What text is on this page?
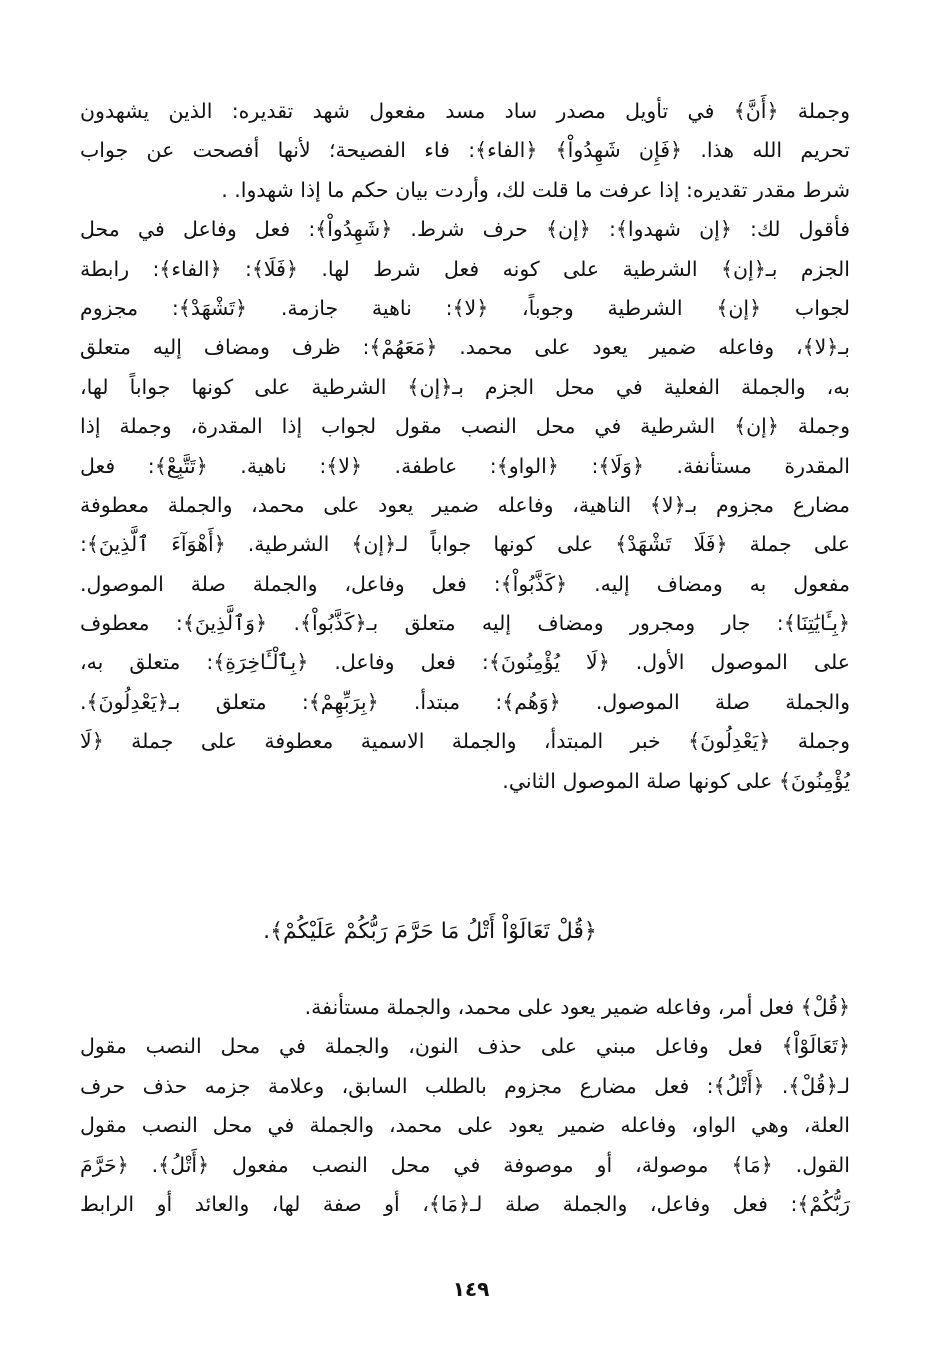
وجملة ﴿أَنَّ﴾ في تأويل مصدر ساد مسد مفعول شهد تقديره: الذين يشهدون
تحريم الله هذا. ﴿فَإِن شَهِدُواْ﴾ ﴿الفاء﴾: فاء الفصيحة؛ لأنها أفصحت عن جواب
شرط مقدر تقديره: إذا عرفت ما قلت لك، وأردت بيان حكم ما إذا شهدوا. .
فأقول لك: ﴿إن شهدوا﴾: ﴿إن﴾ حرف شرط. ﴿شَهِدُواْ﴾: فعل وفاعل في محل
الجزم بـ﴿إن﴾ الشرطية على كونه فعل شرط لها. ﴿فَلَا﴾: ﴿الفاء﴾: رابطة
لجواب ﴿إن﴾ الشرطية وجوباً، ﴿لا﴾: ناهية جازمة. ﴿تَشْهَدْ﴾: مجزوم
بـ﴿لا﴾، وفاعله ضمير يعود على محمد. ﴿مَعَهُمْ﴾: ظرف ومضاف إليه متعلق
به، والجملة الفعلية في محل الجزم بـ﴿إن﴾ الشرطية على كونها جواباً لها،
وجملة ﴿إن﴾ الشرطية في محل النصب مقول لجواب إذا المقدرة، وجملة إذا
المقدرة مستأنفة. ﴿وَلَا﴾: ﴿الواو﴾: عاطفة. ﴿لا﴾: ناهية. ﴿تَتَّبِعْ﴾: فعل
مضارع مجزوم بـ﴿لا﴾ الناهية، وفاعله ضمير يعود على محمد، والجملة معطوفة
على جملة ﴿فَلَا تَشْهَدْ﴾ على كونها جواباً لـ﴿إن﴾ الشرطية. ﴿أَهْوَآءَ ٱلَّذِينَ﴾:
مفعول به ومضاف إليه. ﴿كَذَّبُواْ﴾: فعل وفاعل، والجملة صلة الموصول.
﴿بِـَٔايَٰتِنَا﴾: جار ومجرور ومضاف إليه متعلق بـ﴿كَذَّبُواْ﴾. ﴿وَٱلَّذِينَ﴾: معطوف
على الموصول الأول. ﴿لَا يُؤْمِنُونَ﴾: فعل وفاعل. ﴿بِٱلْـَٔاخِرَةِ﴾: متعلق به،
والجملة صلة الموصول. ﴿وَهُم﴾: مبتدأ. ﴿بِرَبِّهِمْ﴾: متعلق بـ﴿يَعْدِلُونَ﴾.
وجملة ﴿يَعْدِلُونَ﴾ خبر المبتدأ، والجملة الاسمية معطوفة على جملة ﴿لَا
يُؤْمِنُونَ﴾ على كونها صلة الموصول الثاني.
﴿قُلْ تَعَالَوْاْ أَتْلُ مَا حَرَّمَ رَبُّكُمْ عَلَيْكُمْ﴾.
﴿قُلْ﴾ فعل أمر، وفاعله ضمير يعود على محمد، والجملة مستأنفة.
﴿تَعَالَوْاْ﴾ فعل وفاعل مبني على حذف النون، والجملة في محل النصب مقول
لـ﴿قُلْ﴾. ﴿أَتْلُ﴾: فعل مضارع مجزوم بالطلب السابق، وعلامة جزمه حذف حرف
العلة، وهي الواو، وفاعله ضمير يعود على محمد، والجملة في محل النصب مقول
القول. ﴿مَا﴾ موصولة، أو موصوفة في محل النصب مفعول ﴿أَتْلُ﴾. ﴿حَرَّمَ
رَبُّكُمْ﴾: فعل وفاعل، والجملة صلة لـ﴿مَا﴾، أو صفة لها، والعائد أو الرابط
١٤٩
